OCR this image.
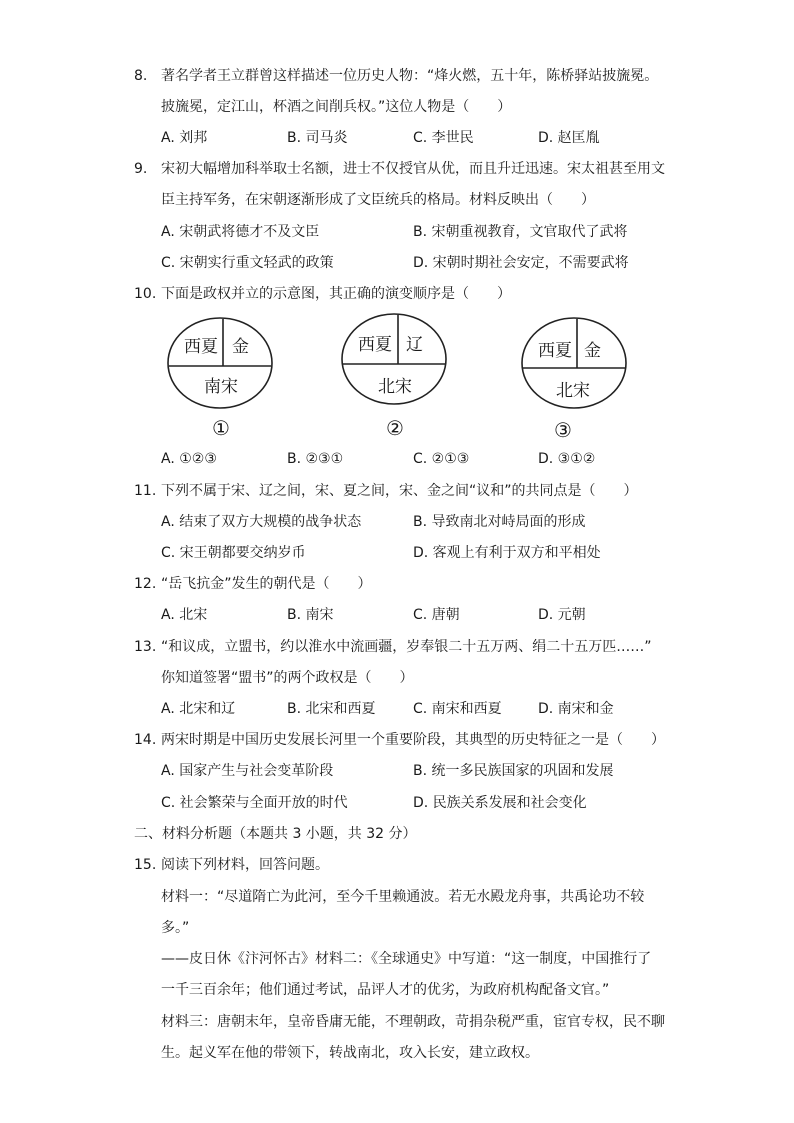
8. 著名学者王立群曾这样描述一位历史人物：“烽火燃，五十年，陈桥驿站披旒冕。
披旒冕，定江山，杯酒之间削兵权。”这位人物是（　　）
A. 刘邦	B. 司马炎	C. 李世民	D. 赵匡胤
9. 宋初大幅增加科举取士名额，进士不仅授官从优，而且升迁迅速。宋太祖甚至用文
臣主持军务，在宋朝逐渐形成了文臣统兵的格局。材料反映出（　　）
A. 宋朝武将德才不及文臣	B. 宋朝重视教育，文官取代了武将
C. 宋朝实行重文轻武的政策	D. 宋朝时期社会安定，不需要武将
10. 下面是政权并立的示意图，其正确的演变顺序是（　　）
西夏 金
南宋
①
西夏 辽
北宋
②
西夏 金
北宋
③
A. ①②③	B. ②③①	C. ②①③	D. ③①②
11. 下列不属于宋、辽之间，宋、夏之间，宋、金之间“议和”的共同点是（　　）
A. 结束了双方大规模的战争状态	B. 导致南北对峙局面的形成
C. 宋王朝都要交纳岁币	D. 客观上有利于双方和平相处
12. “岳飞抗金”发生的朝代是（　　）
A. 北宋	B. 南宋	C. 唐朝	D. 元朝
13. “和议成，立盟书，约以淮水中流画疆，岁奉银二十五万两、绢二十五万匹……”
你知道签署“盟书”的两个政权是（　　）
A. 北宋和辽	B. 北宋和西夏	C. 南宋和西夏	D. 南宋和金
14. 两宋时期是中国历史发展长河里一个重要阶段，其典型的历史特征之一是（　　）
A. 国家产生与社会变革阶段	B. 统一多民族国家的巩固和发展
C. 社会繁荣与全面开放的时代	D. 民族关系发展和社会变化
二、材料分析题（本题共 3 小题，共 32 分）
15. 阅读下列材料，回答问题。
材料一：“尽道隋亡为此河，至今千里赖通波。若无水殿龙舟事，共禹论功不较
多。”
——皮日休《汴河怀古》材料二：《全球通史》中写道：“这一制度，中国推行了
一千三百余年；他们通过考试，品评人才的优劣，为政府机构配备文官。”
材料三：唐朝末年，皇帝昏庸无能，不理朝政，苛捐杂税严重，宦官专权，民不聊
生。起义军在他的带领下，转战南北，攻入长安，建立政权。
